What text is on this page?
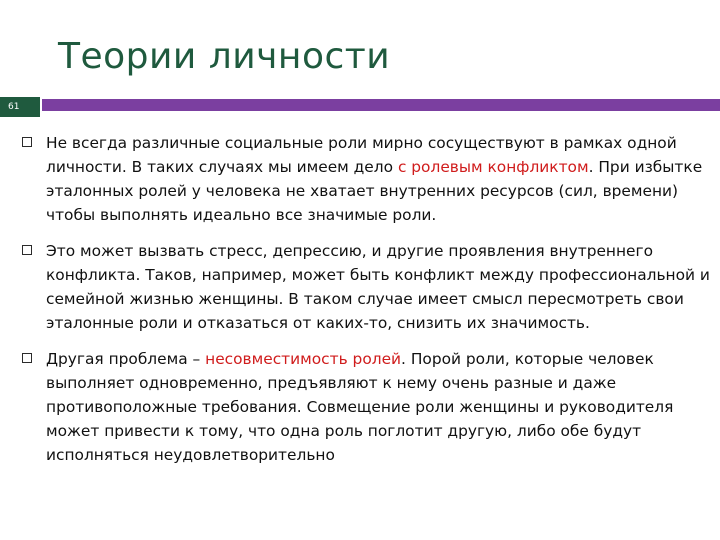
Теории личности
61
Не всегда различные социальные роли мирно сосуществуют в рамках одной личности. В таких случаях мы имеем дело с ролевым конфликтом. При избытке эталонных ролей у человека не хватает внутренних ресурсов (сил, времени) чтобы выполнять идеально все значимые роли.
Это может вызвать стресс, депрессию, и другие проявления внутреннего конфликта. Таков, например, может быть конфликт между профессиональной и семейной жизнью женщины. В таком случае имеет смысл пересмотреть свои эталонные роли и отказаться от каких-то, снизить их значимость.
Другая проблема – несовместимость ролей. Порой роли, которые человек выполняет одновременно, предъявляют к нему очень разные и даже противоположные требования. Совмещение роли женщины и руководителя может привести к тому, что одна роль поглотит другую, либо обе будут исполняться неудовлетворительно
